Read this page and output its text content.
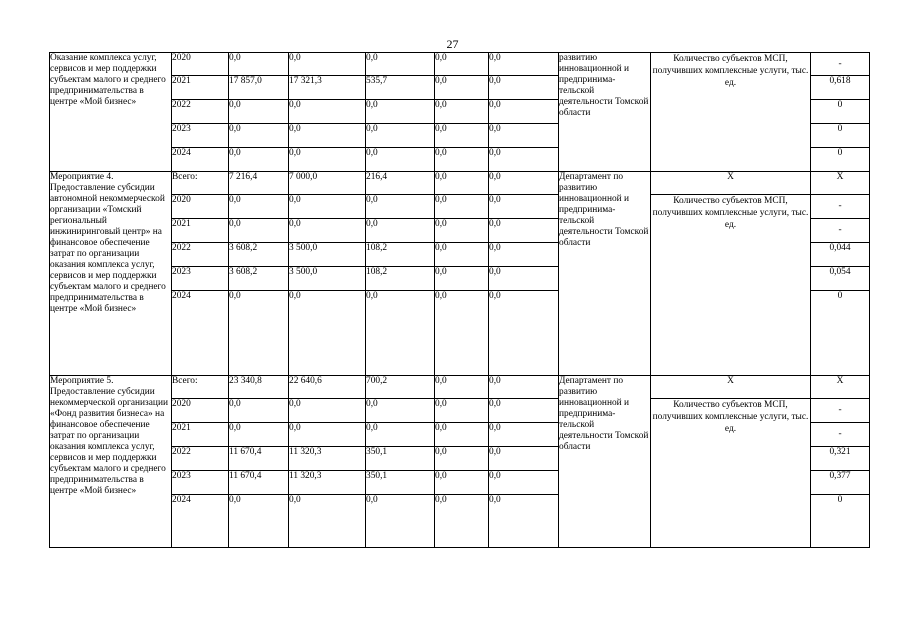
27
Оказание комплекса услуг, сервисов и мер поддержки субъектам малого и среднего предпринимательства в центре «Мой бизнес»	2020	0,0	0,0	0,0	0,0	0,0	развитию инновационной и предпринима-тельской деятельности Томской области	Количество субъектов МСП, получивших комплексные услуги, тыс. ед.	-
	2021	17 857,0	17 321,3	535,7	0,0	0,0			0,618
	2022	0,0	0,0	0,0	0,0	0,0			0
	2023	0,0	0,0	0,0	0,0	0,0			0
	2024	0,0	0,0	0,0	0,0	0,0			0
Мероприятие 4. Предоставление субсидии автономной некоммерческой организации «Томский региональный инжиниринговый центр» на финансовое обеспечение затрат по организации оказания комплекса услуг, сервисов и мер поддержки субъектам малого и среднего предпринимательства в центре «Мой бизнес»	Всего:	7 216,4	7 000,0	216,4	0,0	0,0	Департамент по развитию инновационной и предпринима-тельской деятельности Томской области	X	X
	2020	0,0	0,0	0,0	0,0	0,0		Количество субъектов МСП, получивших комплексные услуги, тыс. ед.	-
	2021	0,0	0,0	0,0	0,0	0,0			-
	2022	3 608,2	3 500,0	108,2	0,0	0,0			0,044
	2023	3 608,2	3 500,0	108,2	0,0	0,0			0,054
	2024	0,0	0,0	0,0	0,0	0,0			0
Мероприятие 5. Предоставление субсидии некоммерческой организации «Фонд развития бизнеса» на финансовое обеспечение затрат по организации оказания комплекса услуг, сервисов и мер поддержки субъектам малого и среднего предпринимательства в центре «Мой бизнес»	Всего:	23 340,8	22 640,6	700,2	0,0	0,0	Департамент по развитию инновационной и предпринима-тельской деятельности Томской области	X	X
	2020	0,0	0,0	0,0	0,0	0,0		Количество субъектов МСП, получивших комплексные услуги, тыс. ед.	-
	2021	0,0	0,0	0,0	0,0	0,0			-
	2022	11 670,4	11 320,3	350,1	0,0	0,0			0,321
	2023	11 670,4	11 320,3	350,1	0,0	0,0			0,377
	2024	0,0	0,0	0,0	0,0	0,0			0
